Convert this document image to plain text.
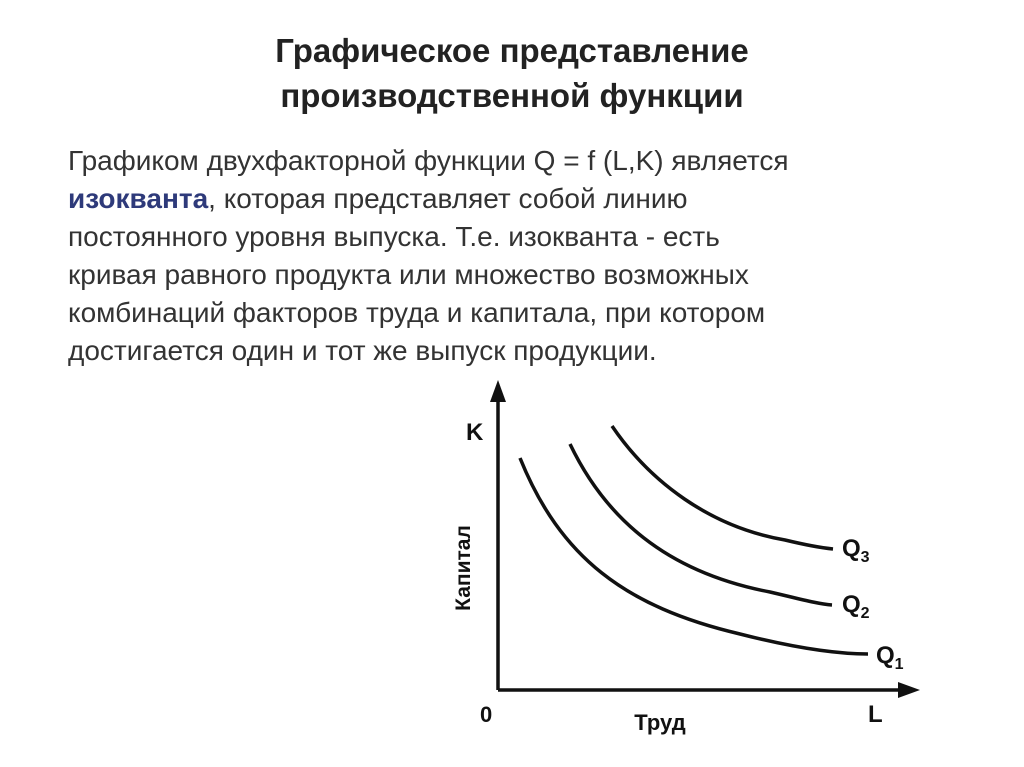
Графическое представление
производственной функции
Графиком двухфакторной функции Q = f (L,K) является
изокванта, которая представляет собой линию
постоянного уровня выпуска. Т.е. изокванта - есть
кривая равного продукта или множество возможных
комбинаций факторов труда и капитала, при котором
достигается один и тот же выпуск продукции.
$Q_1$
$Q_2$
$Q_3$
K
Капитал
0	Труд	L
